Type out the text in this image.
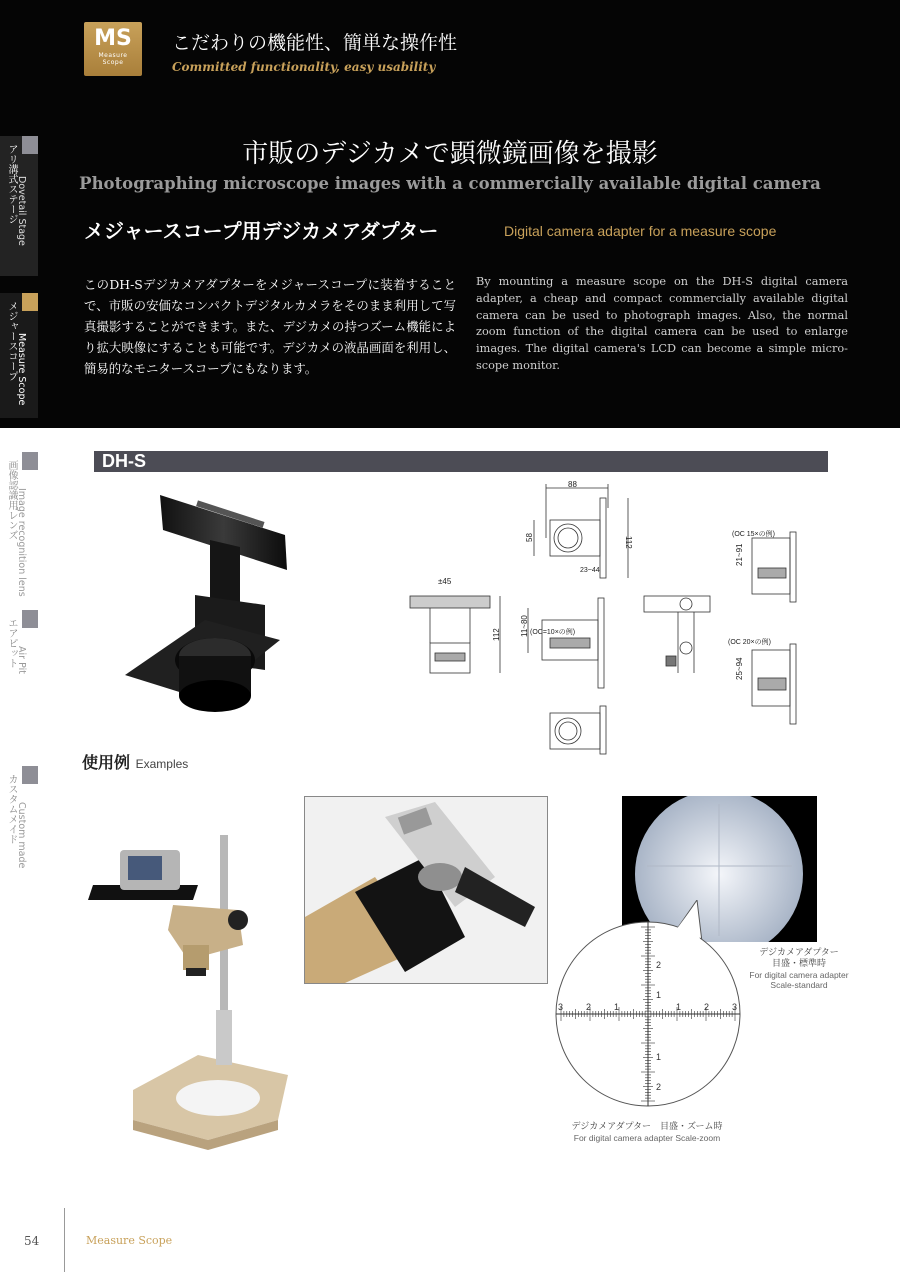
MS
Measure
Scope
こだわりの機能性、簡単な操作性
Committed functionality, easy usability
市販のデジカメで顕微鏡画像を撮影
Photographing microscope images with a commercially available digital camera
メジャースコープ用デジカメアダプター	Digital camera adapter for a measure scope
このDH-Sデジカメアダプターをメジャースコープに装着することで、市販の安価なコンパクトデジタルカメラをそのまま利用して写真撮影することができます。また、デジカメの持つズーム機能により拡大映像にすることも可能です。デジカメの液晶画面を利用し、簡易的なモニタースコープにもなります。
By mounting a measure scope on the DH-S digital camera adapter, a cheap and compact commercially available digital camera can be used to photograph images. Also, the normal zoom function of the digital camera can be used to enlarge images. The digital camera's LCD can become a simple micro-scope monitor.
アリ溝式ステージ Dovetail Stage
メジャースコープ Measure Scope
画像認識用レンズ Image recognition lens
エアピット Air Pit
カスタムメイド Custom made
DH-S
88
58	112
23~44
±45
112 11~80 (OC=10×の例)
(OC 15×の例)
21~91
(OC 20×の例)
25~94
使用例 Examples
デジカメアダプター
目盛・標準時
For digital camera adapter
Scale-standard
3	2	1	1	2	3
2
1
1
2
デジカメアダプター　目盛・ズーム時
For digital camera adapter Scale-zoom
54	Measure Scope
